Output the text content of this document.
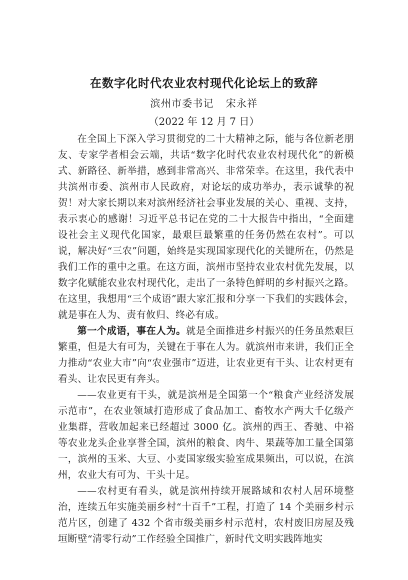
在数字化时代农业农村现代化论坛上的致辞
滨州市委书记 宋永祥
（2022 年 12 月 7 日）

在全国上下深入学习贯彻党的二十大精神之际，能与各位新老朋友、专家学者相会云端，共话“数字化时代农业农村现代化”的新模式、新路径、新举措，感到非常高兴、非常荣幸。在这里，我代表中共滨州市委、滨州市人民政府，对论坛的成功举办，表示诚挚的祝贺！对大家长期以来对滨州经济社会事业发展的关心、重视、支持，表示衷心的感谢！习近平总书记在党的二十大报告中指出，“全面建设社会主义现代化国家，最艰巨最繁重的任务仍然在农村”。可以说，解决好“三农”问题，始终是实现国家现代化的关键所在，仍然是我们工作的重中之重。在这方面，滨州市坚持农业农村优先发展，以数字化赋能农业农村现代化，走出了一条特色鲜明的乡村振兴之路。在这里，我想用“三个成语”跟大家汇报和分享一下我们的实践体会，就是事在人为、责有攸归、终必有成。

第一个成语，事在人为。就是全面推进乡村振兴的任务虽然艰巨繁重，但是大有可为，关键在于事在人为。就滨州市来讲，我们正全力推动“农业大市”向“农业强市”迈进，让农业更有干头、让农村更有看头、让农民更有奔头。

——农业更有干头，就是滨州是全国第一个“粮食产业经济发展示范市”，在农业领域打造形成了食品加工、畜牧水产两大千亿级产业集群，营收加起来已经超过 3000 亿。滨州的西王、香驰、中裕等农业龙头企业享誉全国，滨州的粮食、肉牛、果蔬等加工量全国第一，滨州的玉米、大豆、小麦国家级实验室成果频出，可以说，在滨州，农业大有可为、干头十足。

——农村更有看头，就是滨州持续开展路域和农村人居环境整治，连续五年实施美丽乡村“十百千”工程，打造了 14 个美丽乡村示范片区，创建了 432 个省市级美丽乡村示范村，农村废旧房屋及残垣断壁“清零行动”工作经验全国推广，新时代文明实践阵地实
